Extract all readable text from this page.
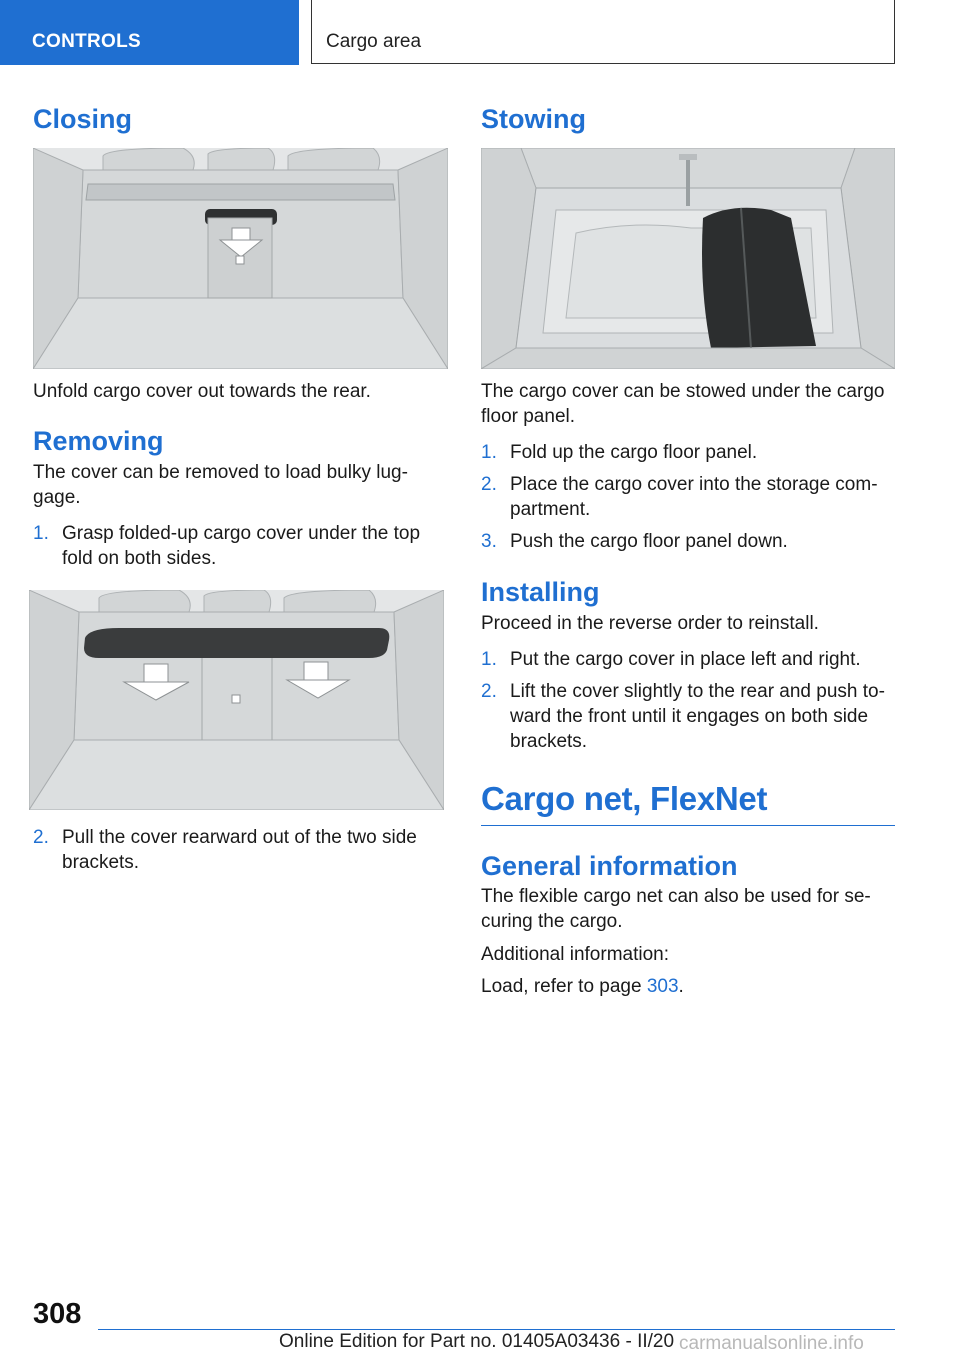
CONTROLS	Cargo area
Closing

Unfold cargo cover out towards the rear.

Removing

The cover can be removed to load bulky lug-gage.

1. Grasp folded-up cargo cover under the top fold on both sides.
2. Pull the cover rearward out of the two side brackets.
Stowing

The cargo cover can be stowed under the cargo floor panel.

1. Fold up the cargo floor panel.
2. Place the cargo cover into the storage com-partment.
3. Push the cargo floor panel down.
Installing

Proceed in the reverse order to reinstall.

1. Put the cargo cover in place left and right.
2. Lift the cover slightly to the rear and push to-ward the front until it engages on both side brackets.
Cargo net, FlexNet
General information

The flexible cargo net can also be used for se-curing the cargo.

Additional information:

Load, refer to page 303.

308
Online Edition for Part no. 01405A03436 - II/20 carmanualsonline.info
